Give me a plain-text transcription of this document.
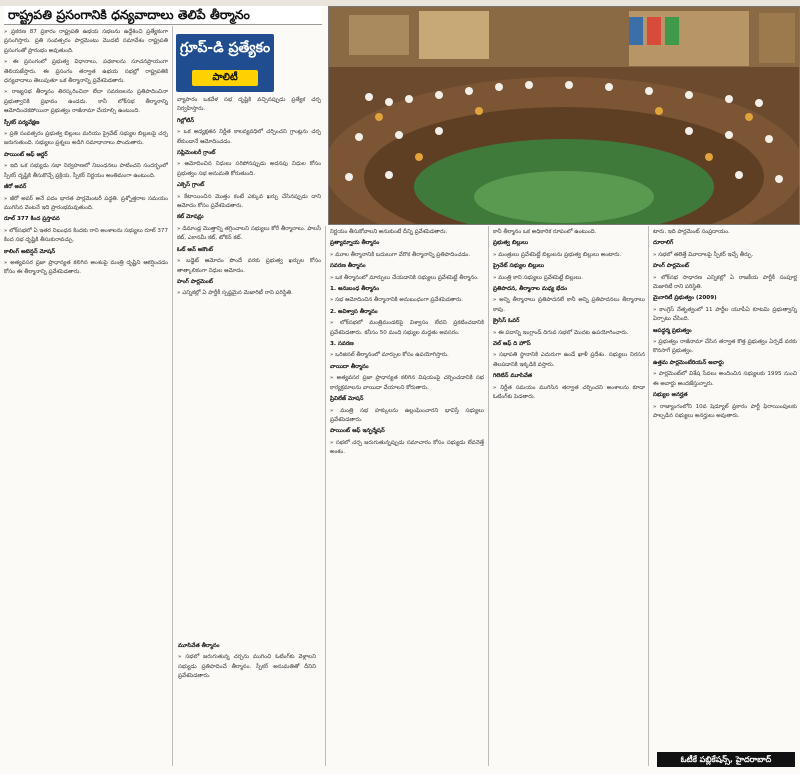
రాష్ట్రపతి ప్రసంగానికి ధన్యవాదాలు తెలిపే తీర్మానం
గ్రూప్-డి ప్రత్యేకం
పాలిటీ

» ప్రకరణ 87 ప్రకారం రాష్ట్రపతి ఉభయ సభలను ఉద్దేశించి ప్రత్యేకంగా ప్రసంగిస్తారు. ప్రతి సంవత్సరం పార్లమెంటు మొదటి సమావేశం రాష్ట్రపతి ప్రసంగంతో ప్రారంభం అవుతుంది.

» ఈ ప్రసంగంలో ప్రభుత్వ విధానాలు, పథకాలను సూచనప్రాయంగా తెలియజేస్తారు. ఈ ప్రసంగం తర్వాత ఉభయ సభల్లో రాష్ట్రపతికి ధన్యవాదాలు తెలుపుతూ ఒక తీర్మానాన్ని ప్రవేశపెడతారు.

» రాజ్యసభ తీర్మానం తిరస్కరించినా లేదా సవరణలను ప్రతిపాదించినా ప్రభుత్వానికి ప్రభావం ఉండదు. కానీ లోక్‌సభ తీర్మానాన్ని ఆమోదించకపోయినా ప్రభుత్వం రాజీనామా చేయాల్సి ఉంటుంది.

స్పీకర్ పర్యవేక్షణ

» ప్రతి సంవత్సరం ప్రభుత్వ బిల్లులు మరియు ప్రైవేట్ సభ్యుల బిల్లులపై చర్చ జరుగుతుంది. సభ్యులు ప్రశ్నలు అడిగి సమాధానాలు పొందుతారు.

పాయింట్ ఆఫ్ ఆర్డర్

» ఇది ఒక సభ్యుడు సభా నిర్వహణలో నిబంధనలు పాటించని సందర్భంలో స్పీకర్ దృష్టికి తీసుకొచ్చే ప్రక్రియ. స్పీకర్ నిర్ణయం అంతిమంగా ఉంటుంది.

జీరో అవర్

» జీరో అవర్ అనే పదం భారత పార్లమెంటరీ పద్ధతి. ప్రశ్నోత్తరాల సమయం ముగిసిన వెంటనే ఇది ప్రారంభమవుతుంది.

రూల్ 377 కింద ప్రస్తావన

» లోక్‌సభలో ఏ ఇతర నిబంధన కిందకు రాని అంశాలను సభ్యులు రూల్ 377 కింద సభ దృష్టికి తీసుకురావచ్చు.

కాలింగ్ అటెన్షన్ మోషన్

» అత్యవసర ప్రజా ప్రాధాన్యత కలిగిన అంశంపై మంత్రి దృష్టిని ఆకర్షించడం కోసం ఈ తీర్మానాన్ని ప్రవేశపెడతారు.

వ్యాపారం ఒకవేళ సభ దృష్టికి వచ్చినప్పుడు ప్రత్యేక చర్చ నిర్వహిస్తారు.

గిల్లోటిన్

» ఒక అధ్యక్షతన నిర్ణీత కాలవ్యవధిలో చర్చించని గ్రాంట్లను చర్చ లేకుండానే ఆమోదించడం.

సప్లిమెంటరీ గ్రాంట్

» ఆమోదించిన నిధులు సరిపోనప్పుడు అదనపు నిధుల కోసం ప్రభుత్వం సభ అనుమతి కోరుతుంది.

ఎక్సెస్ గ్రాంట్

» కేటాయించిన మొత్తం కంటే ఎక్కువ ఖర్చు చేసినప్పుడు దాని ఆమోదం కోసం ప్రవేశపెడతారు.

కట్ మోషన్లు

» డిమాండ్ల మొత్తాన్ని తగ్గించాలని సభ్యులు కోరే తీర్మానాలు. పాలసీ కట్, ఎకానమీ కట్, టోకెన్ కట్.

ఓట్ ఆన్ అకౌంట్

» బడ్జెట్ ఆమోదం పొందే వరకు ప్రభుత్వ ఖర్చుల కోసం తాత్కాలికంగా నిధుల ఆమోదం.

హంగ్ పార్లమెంట్

» ఎన్నికల్లో ఏ పార్టీకీ స్పష్టమైన మెజారిటీ రాని పరిస్థితి.

మూసివేత తీర్మానం

» సభలో జరుగుతున్న చర్చను ముగించి ఓటింగ్‌కు వెళ్లాలని సభ్యుడు ప్రతిపాదించే తీర్మానం. స్పీకర్ అనుమతితో దీనిని ప్రవేశపెడతారు.

నిర్ణయం తీసుకోవాలని అనుకుంటే దీన్ని ప్రవేశపెడతారు.

ప్రత్యామ్నాయ తీర్మానం

» మూల తీర్మానానికి బదులుగా వేరొక తీర్మానాన్ని ప్రతిపాదించడం.

సవరణ తీర్మానం

» ఒక తీర్మానంలో మార్పులు చేయడానికి సభ్యులు ప్రవేశపెట్టే తీర్మానం.

1. అనుబంధ తీర్మానం

» సభ ఆమోదించిన తీర్మానానికి అనుబంధంగా ప్రవేశపెడతారు.

2. అవిశ్వాస తీర్మానం

» లోక్‌సభలో మంత్రిమండలిపై విశ్వాసం లేదని ప్రకటించడానికి ప్రవేశపెడతారు. కనీసం 50 మంది సభ్యుల మద్దతు అవసరం.

3. సవరణ

» ఒరిజినల్ తీర్మానంలో మార్పుల కోసం ఉపయోగిస్తారు.

వాయిదా తీర్మానం

» అత్యవసర ప్రజా ప్రాధాన్యత కలిగిన విషయంపై చర్చించడానికి సభ కార్యక్రమాలను వాయిదా వేయాలని కోరుతారు.

ప్రివిలేజ్ మోషన్

» మంత్రి సభ హక్కులను ఉల్లంఘించారని భావిస్తే సభ్యులు ప్రవేశపెడతారు.

పాయింట్ ఆఫ్ ఇన్ఫర్మేషన్

» సభలో చర్చ జరుగుతున్నప్పుడు సమాచారం కోసం సభ్యుడు లేవనెత్తే అంశం.

కానీ తీర్మానం ఒక అధికారిక రూపంలో ఉంటుంది.

ప్రభుత్వ బిల్లులు

» మంత్రులు ప్రవేశపెట్టే బిల్లులను ప్రభుత్వ బిల్లులు అంటారు.

ప్రైవేట్ సభ్యుల బిల్లులు

» మంత్రి కాని సభ్యులు ప్రవేశపెట్టే బిల్లులు.

ప్రతిపాదన, తీర్మానాల మధ్య భేదం

» అన్ని తీర్మానాలు ప్రతిపాదనలే కానీ అన్ని ప్రతిపాదనలు తీర్మానాలు కావు.

క్రైసిస్ ఓవర్

» ఈ పదాన్ని ఇంగ్లాండ్ దిగువ సభలో మొదట ఉపయోగించారు.

వెల్ ఆఫ్ ది హౌస్

» సభాపతి స్థానానికి ఎదురుగా ఉండే ఖాళీ ప్రదేశం. సభ్యులు నిరసన తెలపడానికి ఇక్కడికి వస్తారు.

గిలెటిన్ మూసివేత

» నిర్ణీత సమయం ముగిసిన తర్వాత చర్చించని అంశాలను కూడా ఓటింగ్‌కు పెడతారు.

టారు. ఇది పార్లమెంట్ సంప్రదాయం.

దూరాలిగ్

» సభలో తలెత్తే వివాదాలపై స్పీకర్ ఇచ్చే తీర్పు.

హంగ్ పార్లమెంట్

» లోక్‌సభ సాధారణ ఎన్నికల్లో ఏ రాజకీయ పార్టీకీ సంపూర్ణ మెజారిటీ రాని పరిస్థితి.

మైనారిటీ ప్రభుత్వం (2009)

» కాంగ్రెస్ నేతృత్వంలో 11 పార్టీల యూపీఏ కూటమి ప్రభుత్వాన్ని ఏర్పాటు చేసింది.

ఆపద్ధర్మ ప్రభుత్వం

» ప్రభుత్వం రాజీనామా చేసిన తర్వాత కొత్త ప్రభుత్వం ఏర్పడే వరకు కొనసాగే ప్రభుత్వం.

ఉత్తమ పార్లమెంటేరియన్ అవార్డు

» పార్లమెంట్‌లో విశేష సేవలు అందించిన సభ్యులకు 1995 నుంచి ఈ అవార్డు అందజేస్తున్నారు.

సభ్యుల అనర్హత

» రాజ్యాంగంలోని 10వ షెడ్యూల్ ప్రకారం పార్టీ ఫిరాయింపులకు పాల్పడిన సభ్యులు అనర్హులు అవుతారు.

ఓటీకే పబ్లికేషన్స్, హైదరాబాద్
